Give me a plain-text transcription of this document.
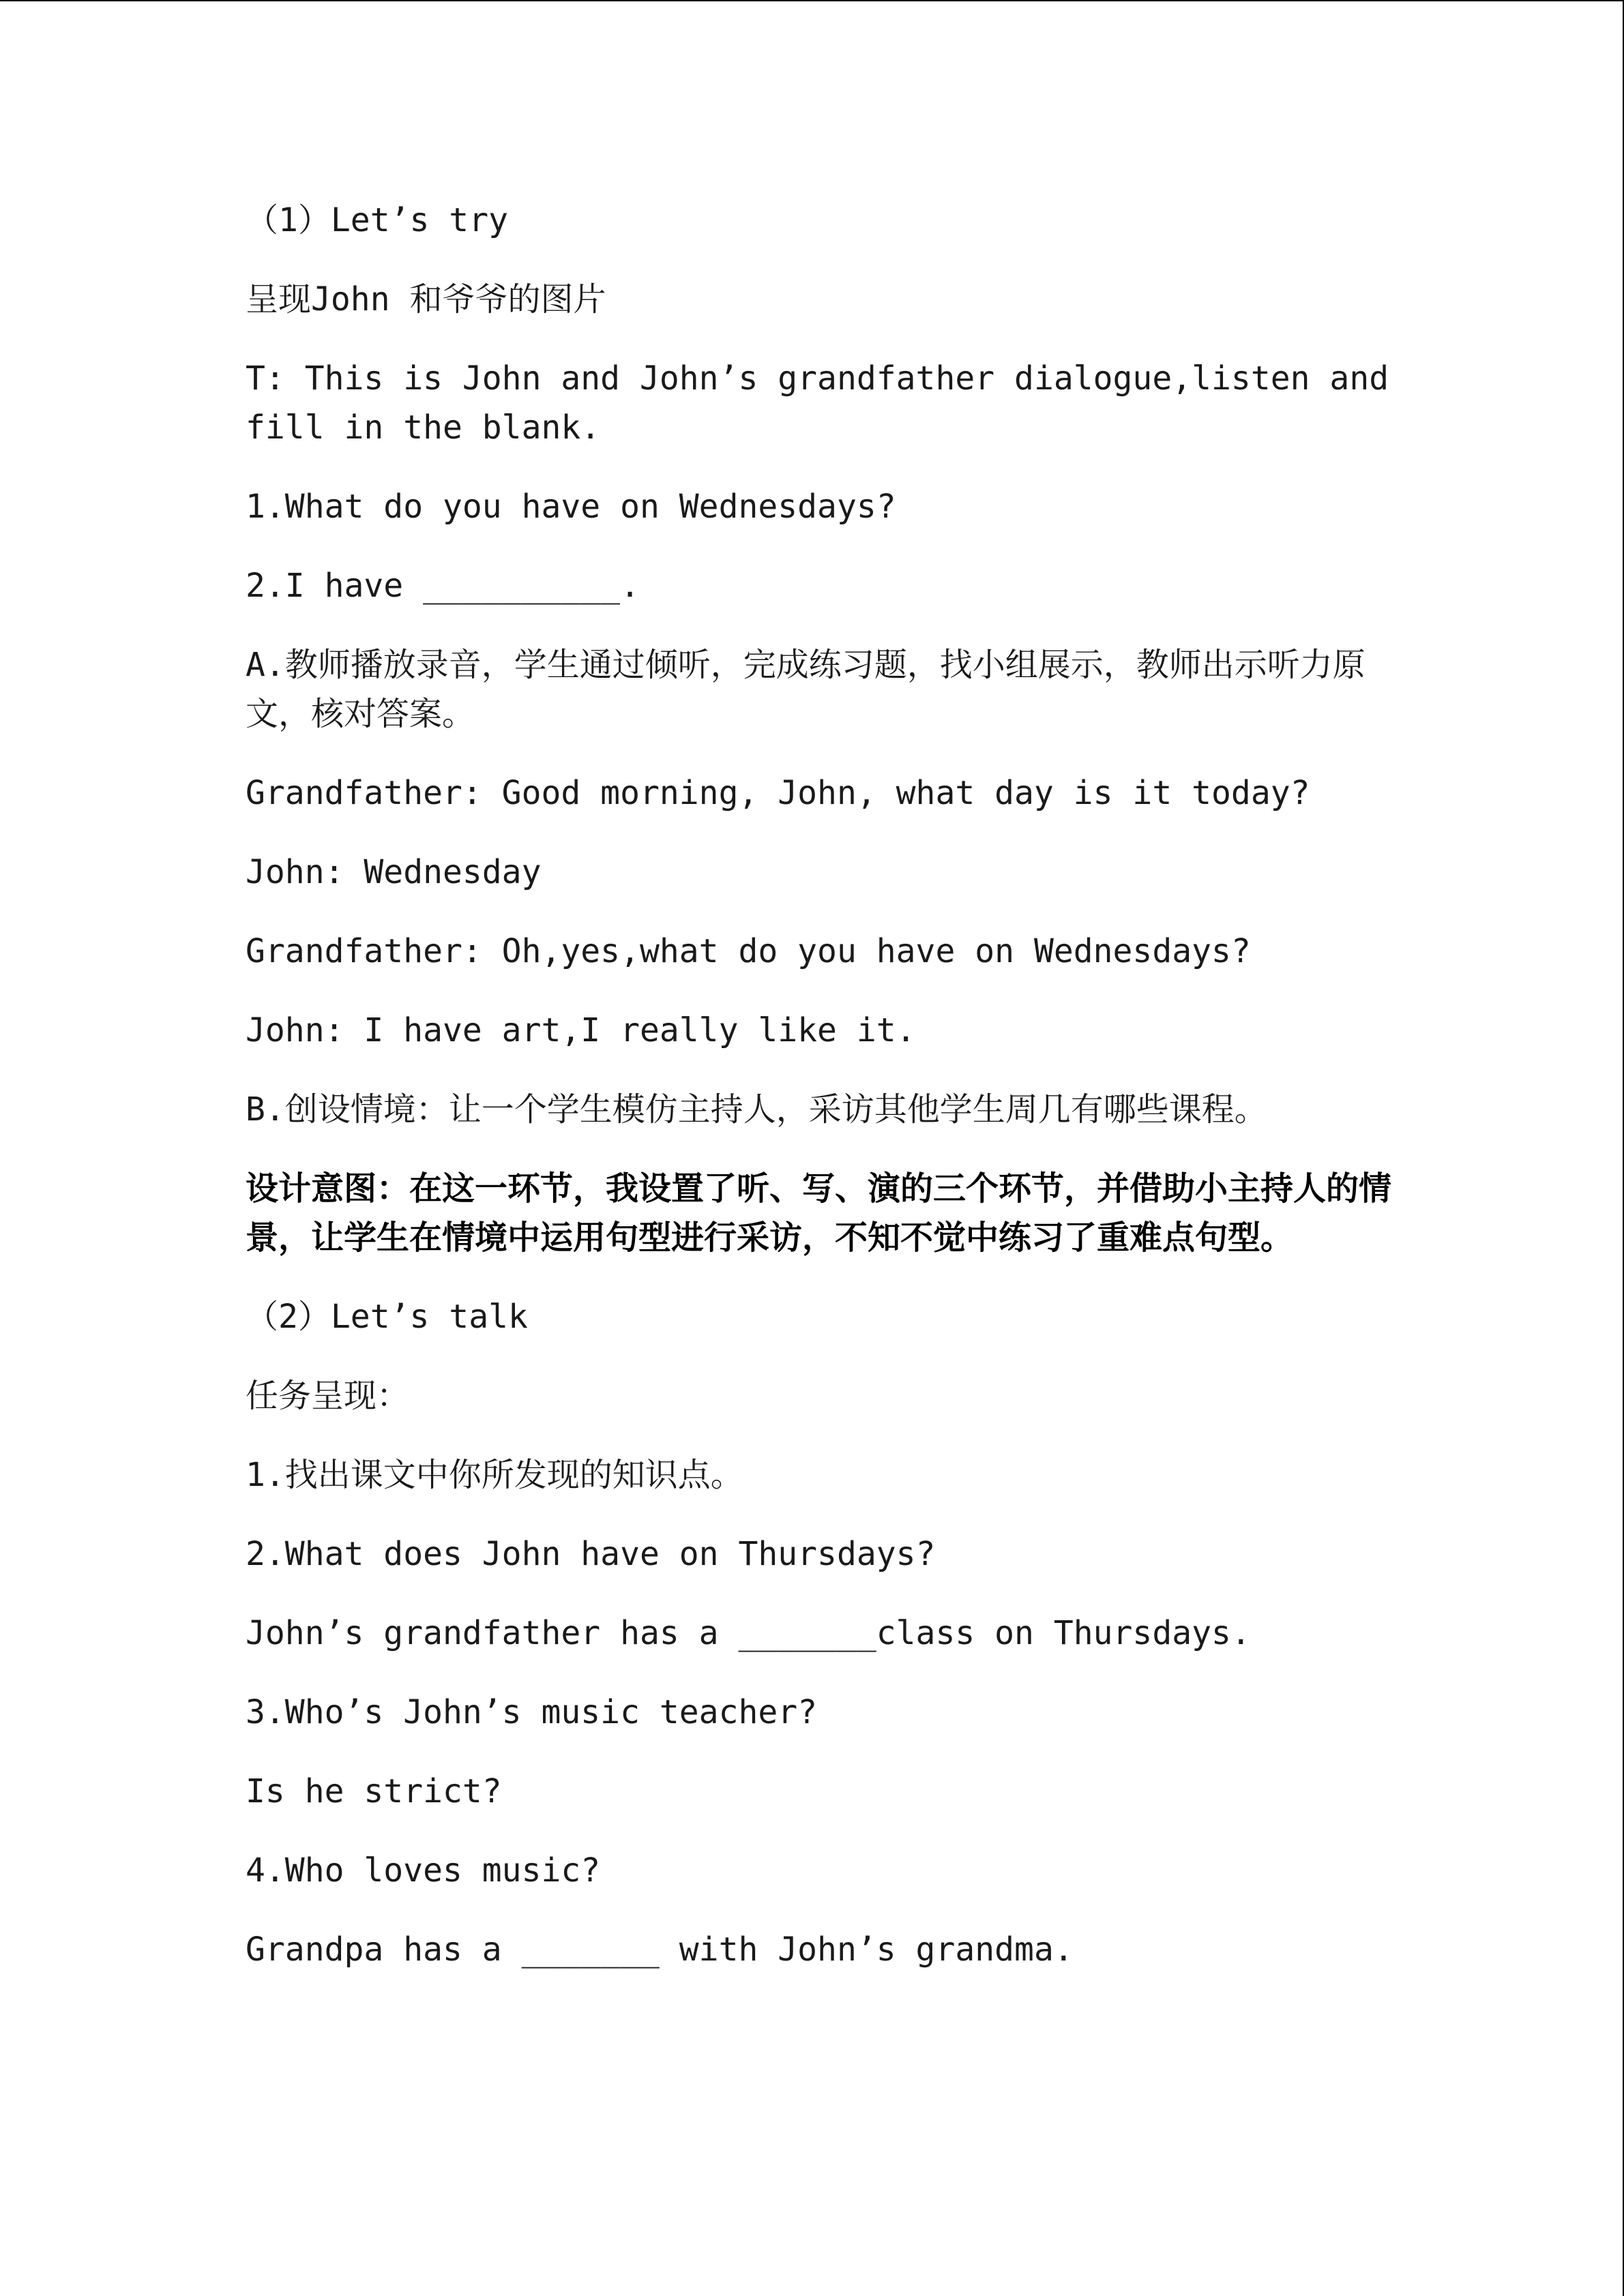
（1）Let’s try

呈现John 和爷爷的图片

T: This is John and John’s grandfather dialogue,listen and fill in the blank.

1.What do you have on Wednesdays?

2.I have __________.

A.教师播放录音，学生通过倾听，完成练习题，找小组展示，教师出示听力原文，核对答案。

Grandfather: Good morning, John, what day is it today?

John: Wednesday

Grandfather: Oh,yes,what do you have on Wednesdays?

John: I have art,I really like it.

B.创设情境：让一个学生模仿主持人，采访其他学生周几有哪些课程。

设计意图：在这一环节，我设置了听、写、演的三个环节，并借助小主持人的情景，让学生在情境中运用句型进行采访，不知不觉中练习了重难点句型。

（2）Let’s talk

任务呈现：

1.找出课文中你所发现的知识点。

2.What does John have on Thursdays?

John’s grandfather has a _______class on Thursdays.

3.Who’s John’s music teacher?

Is he strict?

4.Who loves music?

Grandpa has a _______ with John’s grandma.
